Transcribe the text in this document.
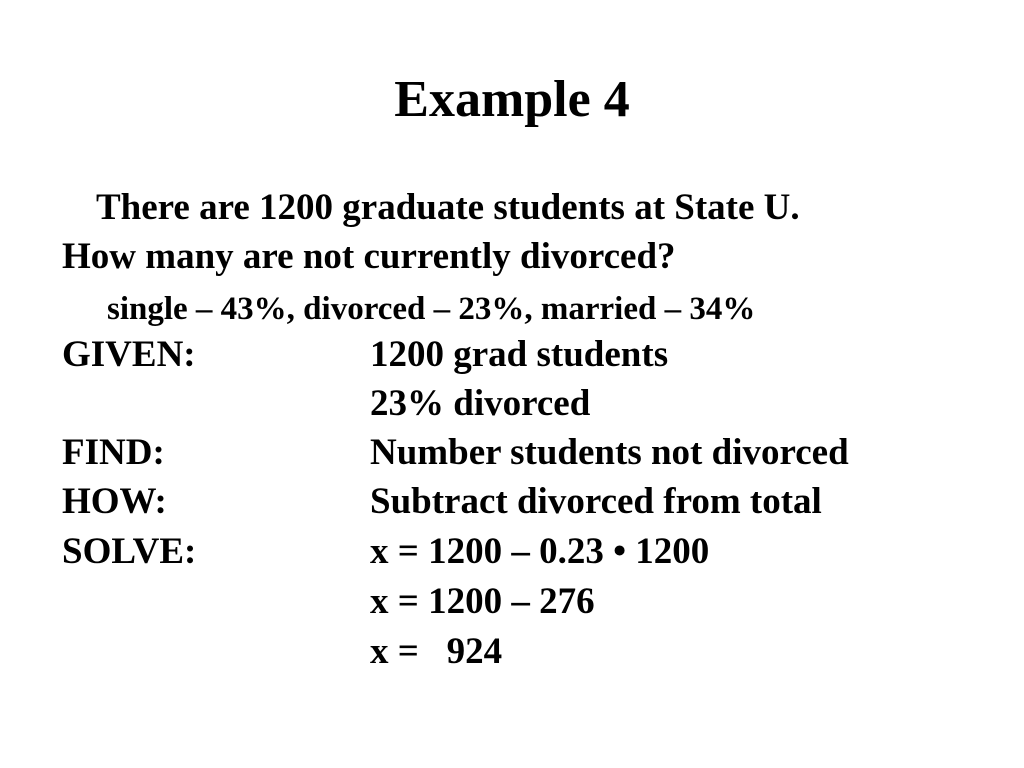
Example 4
There are 1200 graduate students at State U.
How many are not currently divorced?
single – 43%, divorced – 23%, married – 34%
GIVEN:	1200 grad students
23% divorced
FIND:	Number students not divorced
HOW:	Subtract divorced from total
SOLVE:	x = 1200 – 0.23 • 1200
x = 1200 – 276
x =   924
